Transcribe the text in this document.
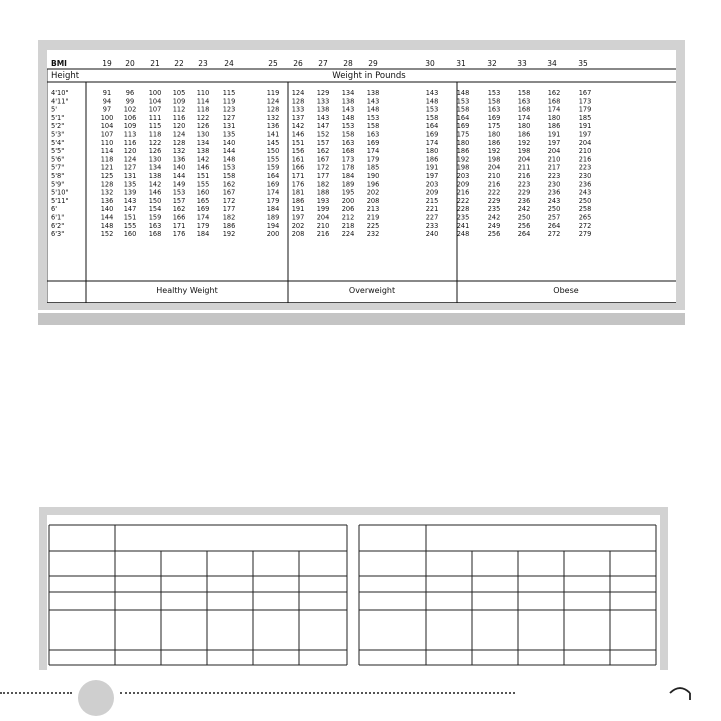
BMI	19 20 21 22 23 24	25 26 27 28 29	30	31	32	33	34	35
Height	Weight in Pounds
4'10"	91 96 100 105 110 115	119 124 129 134 138	143	148	153	158	162	167
4'11"	94 99 104 109 114 119	124 128 133 138 143	148	153	158	163	168	173
5'	97 102 107 112 118 123	128 133 138 143 148	153	158	163	168	174	179
5'1"	100 106 111 116 122 127	132 137 143 148 153	158	164	169	174	180	185
5'2"	104 109 115 120 126 131	136 142 147 153 158	164	169	175	180	186	191
5'3"	107 113 118 124 130 135	141 146 152 158 163	169	175	180	186	191	197
5'4"	110 116 122 128 134 140	145 151 157 163 169	174	180	186	192	197	204
5'5"	114 120 126 132 138 144	150 156 162 168 174	180	186	192	198	204	210
5'6"	118 124 130 136 142 148	155 161 167 173 179	186	192	198	204	210	216
5'7"	121 127 134 140 146 153	159 166 172 178 185	191	198	204	211	217	223
5'8"	125 131 138 144 151 158	164 171 177 184 190	197	203	210	216	223	230
5'9"	128 135 142 149 155 162	169 176 182 189 196	203	209	216	223	230	236
5'10"	132 139 146 153 160 167	174 181 188 195 202	209	216	222	229	236	243
5'11"	136 143 150 157 165 172	179 186 193 200 208	215	222	229	236	243	250
6'	140 147 154 162 169 177	184 191 199 206 213	221	228	235	242	250	258
6'1"	144 151 159 166 174 182	189 197 204 212 219	227	235	242	250	257	265
6'2"	148 155 163 171 179 186	194 202 210 218 225	233	241	249	256	264	272
6'3"	152 160 168 176 184 192	200 208 216 224 232	240	248	256	264	272	279
Healthy Weight	Overweight	Obese
